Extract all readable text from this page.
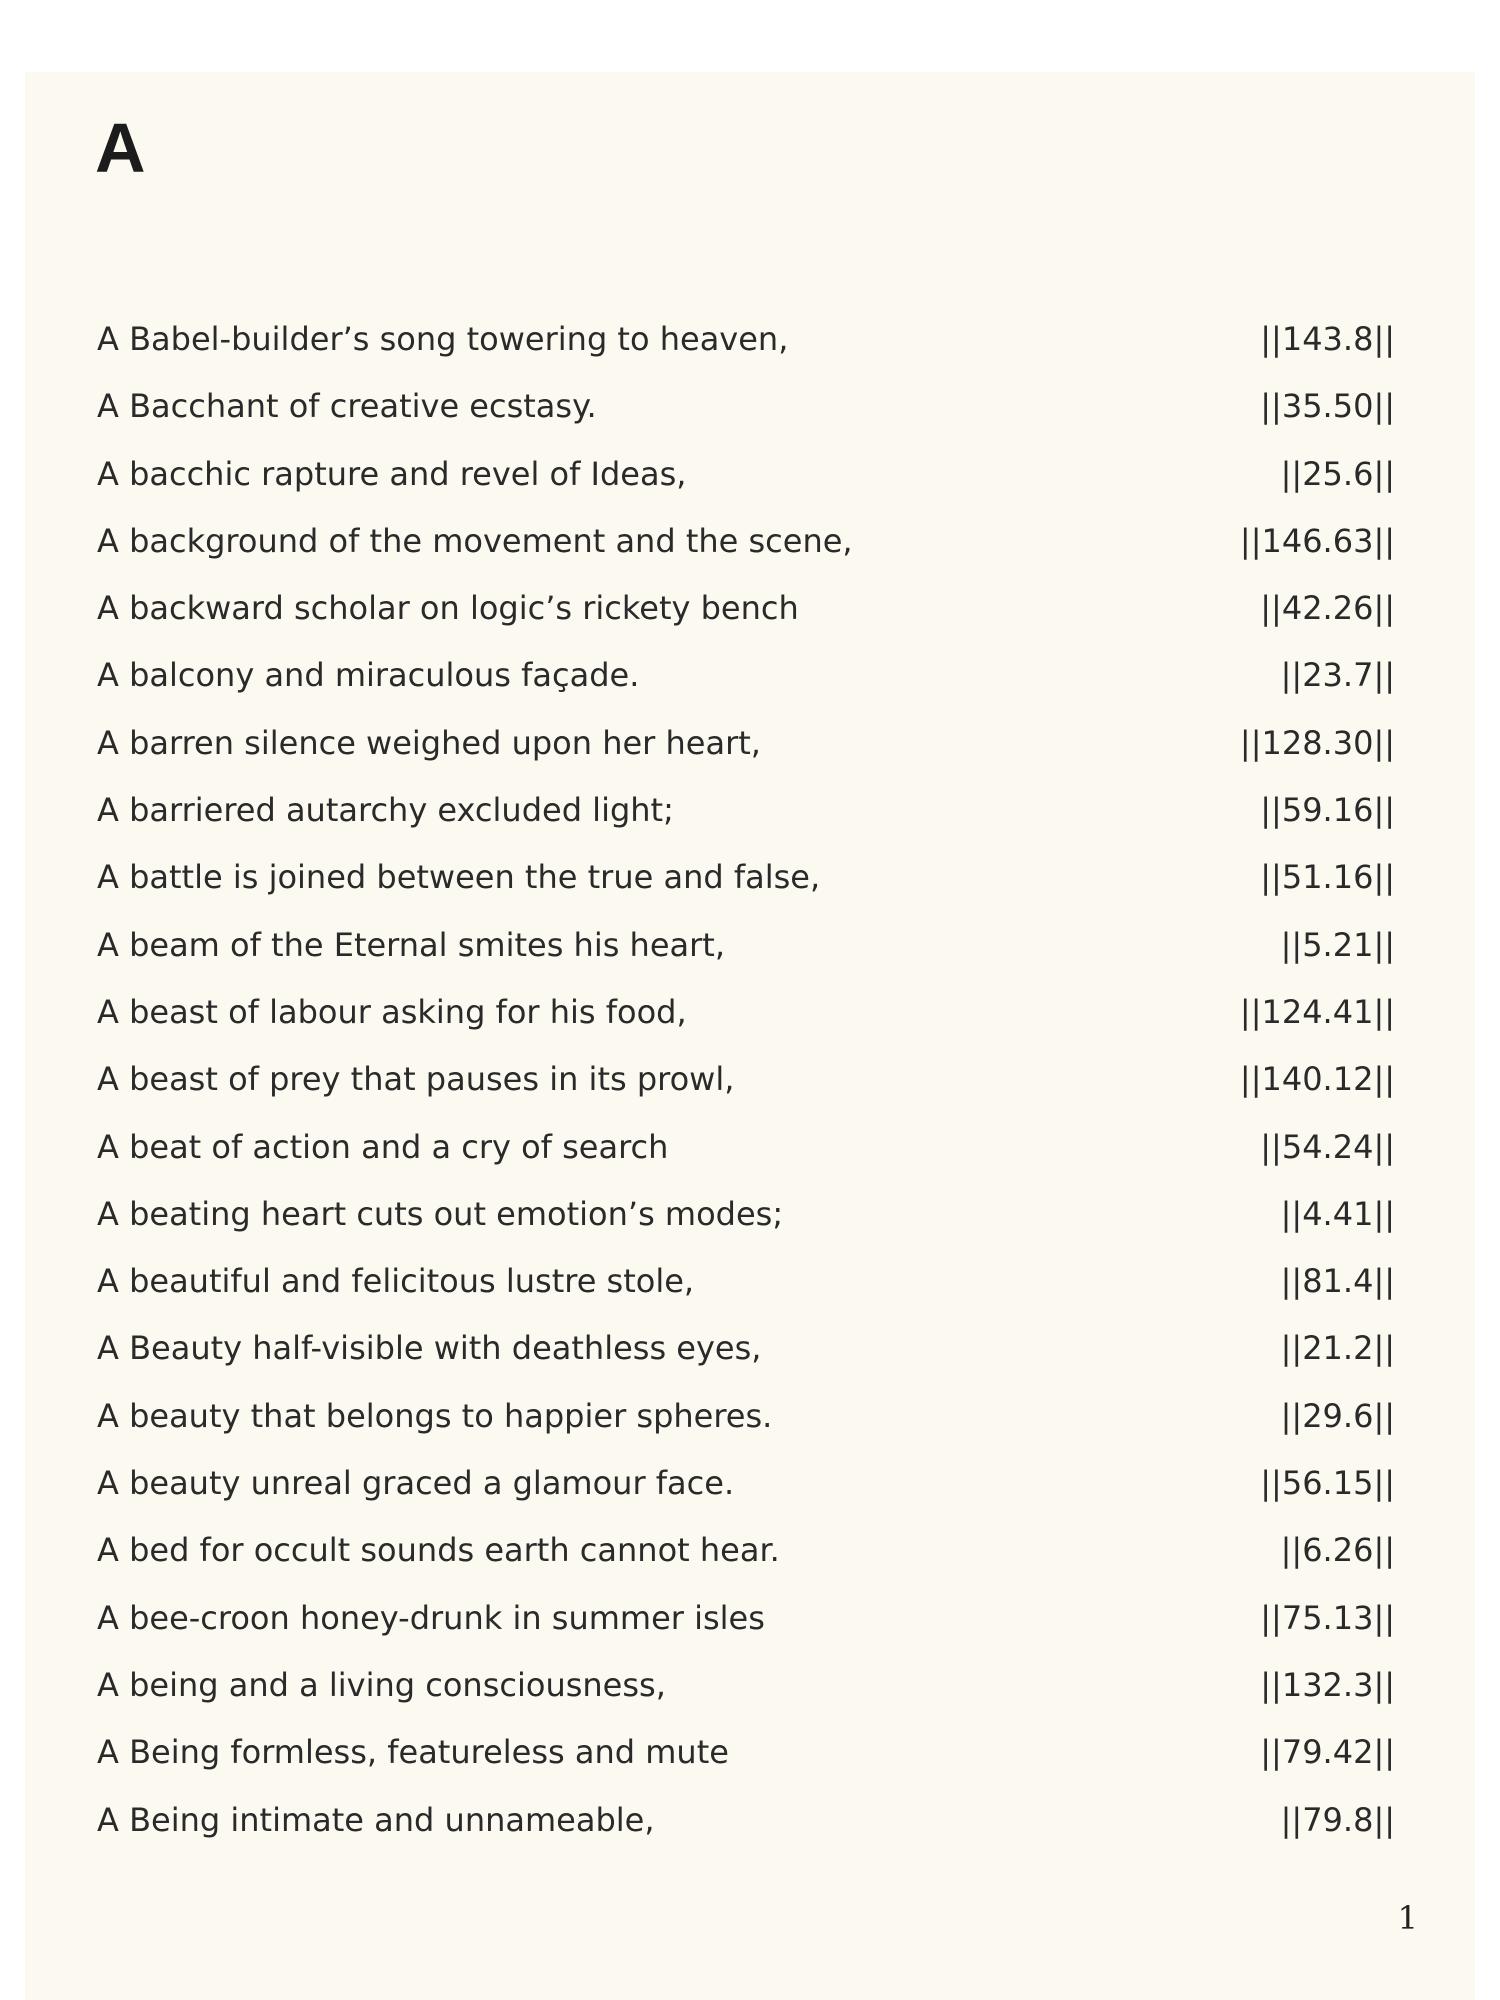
A
A Babel-builder’s song towering to heaven,	||143.8||
A Bacchant of creative ecstasy.	||35.50||
A bacchic rapture and revel of Ideas,	||25.6||
A background of the movement and the scene,	||146.63||
A backward scholar on logic’s rickety bench	||42.26||
A balcony and miraculous façade.	||23.7||
A barren silence weighed upon her heart,	||128.30||
A barriered autarchy excluded light;	||59.16||
A battle is joined between the true and false,	||51.16||
A beam of the Eternal smites his heart,	||5.21||
A beast of labour asking for his food,	||124.41||
A beast of prey that pauses in its prowl,	||140.12||
A beat of action and a cry of search	||54.24||
A beating heart cuts out emotion’s modes;	||4.41||
A beautiful and felicitous lustre stole,	||81.4||
A Beauty half-visible with deathless eyes,	||21.2||
A beauty that belongs to happier spheres.	||29.6||
A beauty unreal graced a glamour face.	||56.15||
A bed for occult sounds earth cannot hear.	||6.26||
A bee-croon honey-drunk in summer isles	||75.13||
A being and a living consciousness,	||132.3||
A Being formless, featureless and mute	||79.42||
A Being intimate and unnameable,	||79.8||
1
